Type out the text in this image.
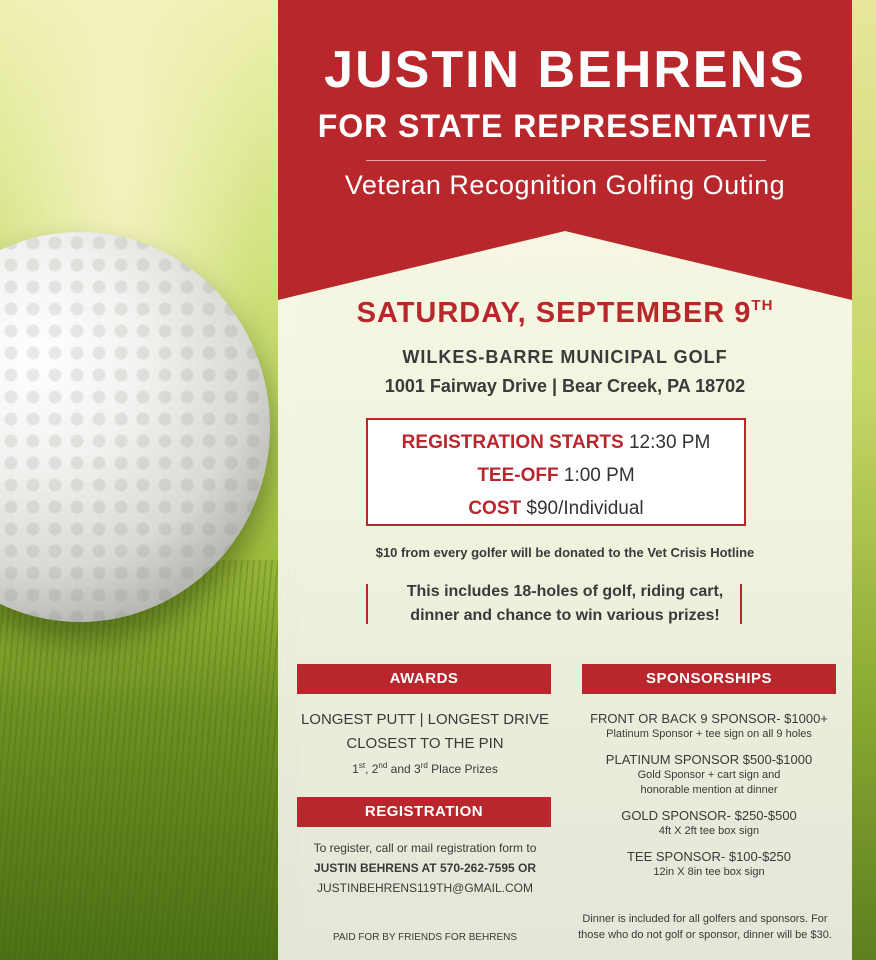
JUSTIN BEHRENS
FOR STATE REPRESENTATIVE
Veteran Recognition Golfing Outing
SATURDAY, SEPTEMBER 9TH
WILKES-BARRE MUNICIPAL GOLF
1001 Fairway Drive | Bear Creek, PA 18702
REGISTRATION STARTS 12:30 PM
TEE-OFF 1:00 PM
COST $90/Individual
$10 from every golfer will be donated to the Vet Crisis Hotline
This includes 18-holes of golf, riding cart,
dinner and chance to win various prizes!
AWARDS
LONGEST PUTT | LONGEST DRIVE
CLOSEST TO THE PIN
1st, 2nd and 3rd Place Prizes
REGISTRATION
To register, call or mail registration form to
JUSTIN BEHRENS AT 570-262-7595 OR
JUSTINBEHRENS119TH@GMAIL.COM
PAID FOR BY FRIENDS FOR BEHRENS
SPONSORSHIPS
FRONT OR BACK 9 SPONSOR- $1000+
Platinum Sponsor + tee sign on all 9 holes
PLATINUM SPONSOR $500-$1000
Gold Sponsor + cart sign and
honorable mention at dinner
GOLD SPONSOR- $250-$500
4ft X 2ft tee box sign
TEE SPONSOR- $100-$250
12in X 8in tee box sign
Dinner is included for all golfers and sponsors. For
those who do not golf or sponsor, dinner will be $30.
